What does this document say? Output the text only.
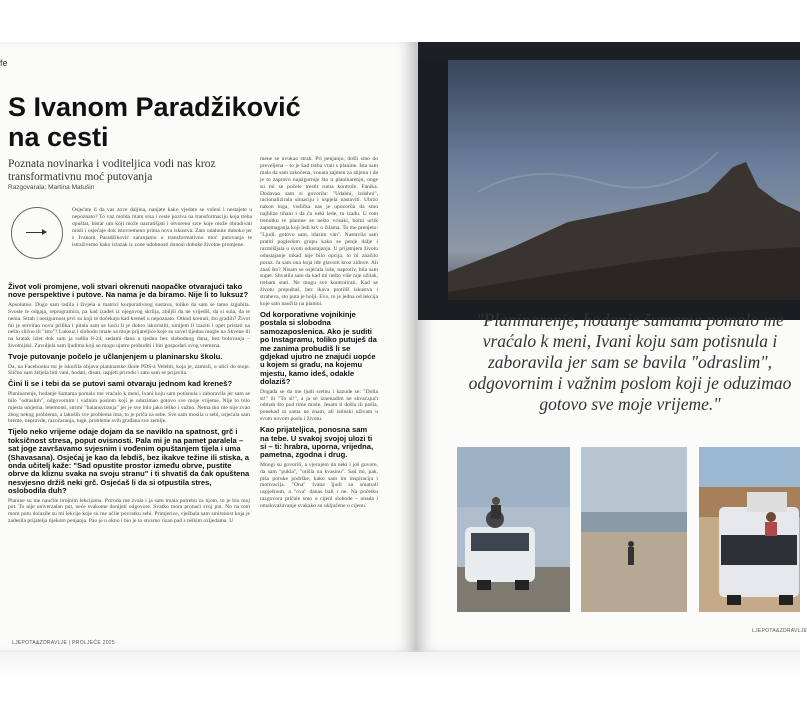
fe
S Ivanom Paradžiković na cesti

Poznata novinarka i voditeljica vodi nas kroz transformativnu moć putovanja

Razgovarala: Martina Matušin

Osjećate li da vas zove daljina, nanjate kako vjedate se voleni i nestajete u nepoznato? To vaz molda ritam srsa i cestе poziva na transformaciju koja treba opuštat, bistar um koji može nazratišjati i otvoreno srce koje može obradivati misli i osjećaje dok istovremeno prima nova iskustva. Zato udahnite duboko jer s Ivanom Paradžiković zaranjamo u transformativnu moć putovanja te istraživemo kako izlazak iz zone udobnosti donosi duboke životne promjene.

Život voli promjene, voli stvari okrenuti naopačke otvarajući tako nove perspektive i putove. Na nama je da biramo. Nije li to luksuz?

Apsolutno. Dugo sam radila i živjela u matrici korporativnog sustava, toliko da sam se tamo izgubila. Svoste te odgaja, reprogramira, pa kad izađeš iz njegovog skrilja, zbiljši da ne vrijediš, da si sula, da te nema. Strah i nesigurnost prvi su koji te dočekaju kad krenеš u nepoznato. Otkud krenuti, što gradili? Život mi je servirao novu prilika i pitala sam se hoću li je dobro iskoristiti, umijem li izaziti i opet pristati na nešto slično ili "isto"? Luksuz i slobodu imale sa moje prijateljice koje su uzvel tijedna mogle na Skvene ili na kratak izlet dok sam ja radila 8-24, sedami dana u tjednu bez slobodnog dana, bez bolovanja – životnijski. Zavuljela sam ljudima koji se mogu ujutro probuditi i biti gospodari svog vremena.

Tvoje putovanje počelo je učlanjenjem u planinarsku školu.

Da, na Facebooku mi je iskočila objava planinarske škole PDS-a Velebit, koja je, zamisli, u ulici do moje. Slično sam željela biti vani, hodati, disati, uspjeti prirodu i zato sam se prijavila.

Čini li se i tebi da se putovi sami otvaraju jednom kad kreneš?

Planinarenje, hodanje šumama pomalo me vraćalo k meni, Ivani koju sam potisnula i zaboravila jer sam se bilo "odraslim", odgovornim i važnim poslom koji je oduzimao gotovo sve moje vrijeme. Nije to bilo mjesta umjetna, lelemonti, strimr "balansviranja" jer je sve bilo jako teško i važno. Nema tko me nije zvao zbog nekog problema, a lakoših sve problema ima, to je priča za sebe. Sve sam mosila u sebi, osjećala sam breme, nepravde, razočaranja, tuge, probleme svih građana sve zemlje.

Tijelo neko vrijeme odaje dojam da se naviklo na spatnost, grč i toksičnost stresa, poput ovisnosti. Pala mi je na pamet paralela – sat joge završavamo svjesnim i vođenim opuštanjem tijela i uma (Shavasana). Osjećaj je kao da lebdiš, bez ikakve težine ili stiska, a onda učitelj kaže: "Sad opustite prostor između obrve, pustite obrve da kliznu svaka na svoju stranu" i ti shvatiš da čak opuštena nesvjesno držiš neki grč. Osjećaš li da si otpustila stres, oslobodila duh?

Planine su me naučile brojnim lekcijama. Priroda me zvala i ja sam imala potrebu za njom, to je bio moj put. To nije univerzalan put, neće svakome donijeti odgovore. Svatko mora pronaći svoj put. No na tom mom putu dolazile su mi lekcije koje su me učile povratku sebi. Primjerice, vježbala sam smirenost koja je zadesila prijatelja tijekom penjanja. Pao je u okno i bio je to stvarno rizan pad s teškim ozljedama. U

mene se uvukao strah. Pri penjanju, došli smo do preveljena – to je kad treba vrati s planine. Ista sam mala da sam zakočena, vonata sajmen za stijenu i da je to zapravo najsigurnije što u planinarenju, onge su mi se počele trestit ruma kontrole. Fanika. Dodavao sam si govorila: "Udahni, izdahni", racionalizirala situaciju i uspjela nastaviti. Ubrzo nakon toga, vodička nas je upozorila da smo najblize tihani i da ću neki lede, tu izađu. U tom trenutku te planine se nešto vrisaki, bolni urlik zapomaganja koji ledi krv u žilama. To me prenjelo: "Ljudi, gotovo sam, idazim van". Nastavila sam pratiti pogledom grupu kako se penje dalje i razmišljala u svom odustajanju. U prijatnjem životu odustajanje nikad nije bilo opcija, to bi značilo poraz. Ja sam ona koja ide glavom kroz zidove. Ali znaš što? Nisam se osjećala lošе, naprotiv, bila sam super. Shvatila sam da kad mi nešto više nije užitak, trebam stati. Ne mogu sve kontrolirati. Kad se životu prepuštaš, bez ikava protiliš iskustva i straheva, sto puta je bolji. Evo, to je jedna od lekcija koje sam naučila na planini.

Od korporativne vojnikinje postala si slobodna samozaposlenica. Ako je suditi po Instagramu, toliko putuješ da me zanima probudiš li se gdjekad ujutro ne znajući uopće u kojem si gradu, na kojemu mjestu, kamo ideš, odakle dolaziš?

Događa se da me ljudi sretnu i kazude se: "Dolla si!" ili "To si!", a ja se iznenadim ne shvaćajući odmah što pod time misle. Jesam li došla ili pošla, ponekad ni sama ne znam, ali istinski uživam u svom novom poslu i životu.

Kao prijateljica, ponosna sam na tebe. U svakoj svojoj ulozi ti si – ti: hrabra, uporna, vrijedna, pametna, zgodna i drug.

Mnogi su govorili, a vjerujem da neki i još govore, da sam "pukla", "otišla na kvasinu". Sad mi, pak, piša poruke podrške, kako sam im inspiracija i motivacija. "Ona" Ivana ljudi su smatrali uspješnom, a "ova" danas bali i ne. Na početku razgovora pričale smo o cijeni slobode – onada i omalovažavanje svakako su uključene u cijenu.

LJEPOTA&ZDRAVLJE | PROLJEĆE 2025
LJEPOTA&ZDRAVLJE

"Planinarenje, hodanje šumama pomalo me vraćalo k meni, Ivani koju sam potisnula i zaboravila jer sam se bavila "odraslim", odgovornim i važnim poslom koji je oduzimao gotovo sve moje vrijeme."
